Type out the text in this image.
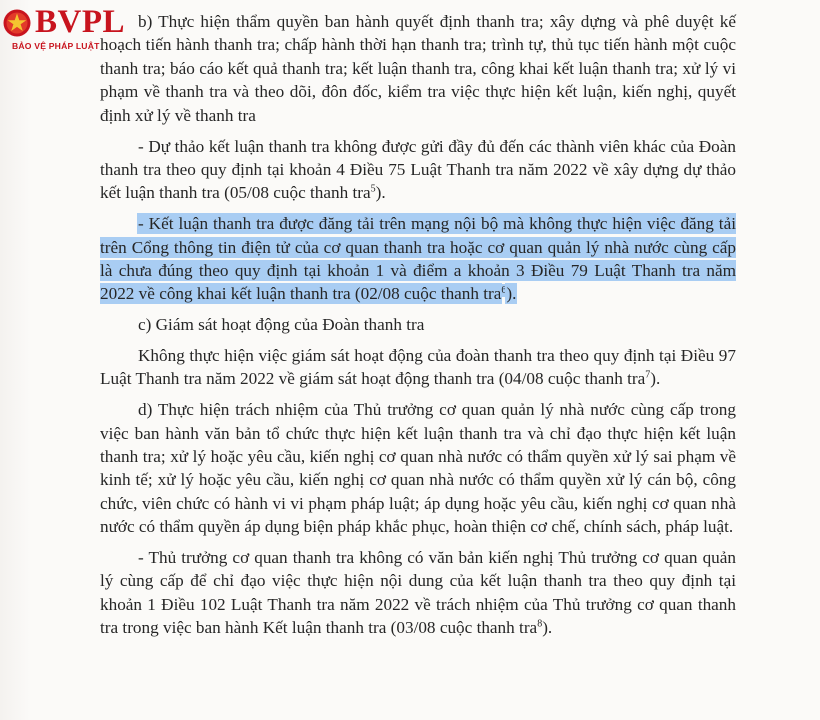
BVPL
BẢO VỆ PHÁP LUẬT

b) Thực hiện thẩm quyền ban hành quyết định thanh tra; xây dựng và phê duyệt kế hoạch tiến hành thanh tra; chấp hành thời hạn thanh tra; trình tự, thủ tục tiến hành một cuộc thanh tra; báo cáo kết quả thanh tra; kết luận thanh tra, công khai kết luận thanh tra; xử lý vi phạm về thanh tra và theo dõi, đôn đốc, kiểm tra việc thực hiện kết luận, kiến nghị, quyết định xử lý về thanh tra

- Dự thảo kết luận thanh tra không được gửi đầy đủ đến các thành viên khác của Đoàn thanh tra theo quy định tại khoản 4 Điều 75 Luật Thanh tra năm 2022 về xây dựng dự thảo kết luận thanh tra (05/08 cuộc thanh tra$^5$).

- Kết luận thanh tra được đăng tải trên mạng nội bộ mà không thực hiện việc đăng tải trên Cổng thông tin điện tử của cơ quan thanh tra hoặc cơ quan quản lý nhà nước cùng cấp là chưa đúng theo quy định tại khoản 1 và điểm a khoản 3 Điều 79 Luật Thanh tra năm 2022 về công khai kết luận thanh tra (02/08 cuộc thanh tra$^6$).

c) Giám sát hoạt động của Đoàn thanh tra

Không thực hiện việc giám sát hoạt động của đoàn thanh tra theo quy định tại Điều 97 Luật Thanh tra năm 2022 về giám sát hoạt động thanh tra (04/08 cuộc thanh tra$^7$).

d) Thực hiện trách nhiệm của Thủ trưởng cơ quan quản lý nhà nước cùng cấp trong việc ban hành văn bản tổ chức thực hiện kết luận thanh tra và chỉ đạo thực hiện kết luận thanh tra; xử lý hoặc yêu cầu, kiến nghị cơ quan nhà nước có thẩm quyền xử lý sai phạm về kinh tế; xử lý hoặc yêu cầu, kiến nghị cơ quan nhà nước có thẩm quyền xử lý cán bộ, công chức, viên chức có hành vi vi phạm pháp luật; áp dụng hoặc yêu cầu, kiến nghị cơ quan nhà nước có thẩm quyền áp dụng biện pháp khắc phục, hoàn thiện cơ chế, chính sách, pháp luật.

- Thủ trưởng cơ quan thanh tra không có văn bản kiến nghị Thủ trưởng cơ quan quản lý cùng cấp để chỉ đạo việc thực hiện nội dung của kết luận thanh tra theo quy định tại khoản 1 Điều 102 Luật Thanh tra năm 2022 về trách nhiệm của Thủ trưởng cơ quan thanh tra trong việc ban hành Kết luận thanh tra (03/08 cuộc thanh tra$^8$).
